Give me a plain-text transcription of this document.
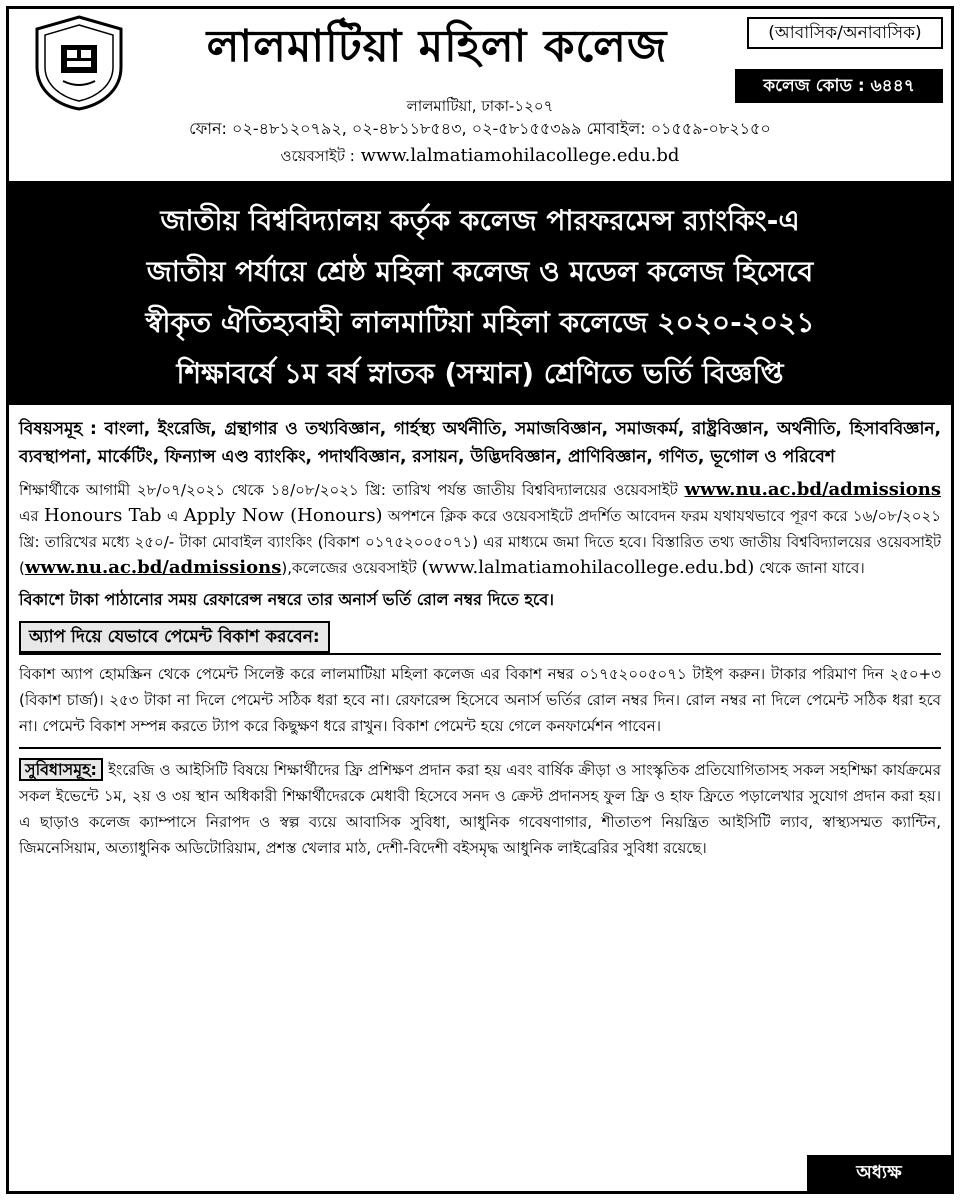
লালমাটিয়া মহিলা কলেজ	(আবাসিক/অনাবাসিক)
কলেজ কোড : ৬৪৪৭
লালমাটিয়া, ঢাকা-১২০৭
ফোন: ০২-৪৮১২০৭৯২, ০২-৪৮১১৮৫৪৩, ০২-৫৮১৫৫৩৯৯ মোবাইল: ০১৫৫৯-০৮২১৫০
ওয়েবসাইট : www.lalmatiamohilacollege.edu.bd
জাতীয় বিশ্ববিদ্যালয় কর্তৃক কলেজ পারফরমেন্স র‍্যাংকিং-এ
জাতীয় পর্যায়ে শ্রেষ্ঠ মহিলা কলেজ ও মডেল কলেজ হিসেবে
স্বীকৃত ঐতিহ্যবাহী লালমাটিয়া মহিলা কলেজে ২০২০-২০২১
শিক্ষাবর্ষে ১ম বর্ষ স্নাতক (সম্মান) শ্রেণিতে ভর্তি বিজ্ঞপ্তি
বিষয়সমূহ : বাংলা, ইংরেজি, গ্রন্থাগার ও তথ্যবিজ্ঞান, গার্হস্থ্য অর্থনীতি, সমাজবিজ্ঞান, সমাজকর্ম, রাষ্ট্রবিজ্ঞান, অর্থনীতি, হিসাববিজ্ঞান, ব্যবস্থাপনা, মার্কেটিং, ফিন্যান্স এণ্ড ব্যাংকিং, পদার্থবিজ্ঞান, রসায়ন, উদ্ভিদবিজ্ঞান, প্রাণিবিজ্ঞান, গণিত, ভূগোল ও পরিবেশ
শিক্ষার্থীকে আগামী ২৮/০৭/২০২১ থেকে ১৪/০৮/২০২১ খ্রি: তারিখ পর্যন্ত জাতীয় বিশ্ববিদ্যালয়ের ওয়েবসাইট www.nu.ac.bd/admissions এর Honours Tab এ Apply Now (Honours) অপশনে ক্লিক করে ওয়েবসাইটে প্রদর্শিত আবেদন ফরম যথাযথভাবে পূরণ করে ১৬/০৮/২০২১ খ্রি: তারিখের মধ্যে ২৫০/- টাকা মোবাইল ব্যাংকিং (বিকাশ ০১৭৫২০০৫০৭১) এর মাধ্যমে জমা দিতে হবে। বিস্তারিত তথ্য জাতীয় বিশ্ববিদ্যালয়ের ওয়েবসাইট (www.nu.ac.bd/admissions),কলেজের ওয়েবসাইট (www.lalmatiamohilacollege.edu.bd) থেকে জানা যাবে।
বিকাশে টাকা পাঠানোর সময় রেফারেন্স নম্বরে তার অনার্স ভর্তি রোল নম্বর দিতে হবে।
অ্যাপ দিয়ে যেভাবে পেমেন্ট বিকাশ করবেন:
বিকাশ অ্যাপ হোমস্ক্রিন থেকে পেমেন্ট সিলেক্ট করে লালমাটিয়া মহিলা কলেজ এর বিকাশ নম্বর ০১৭৫২০০৫০৭১ টাইপ করুন। টাকার পরিমাণ দিন ২৫০+৩ (বিকাশ চার্জ)। ২৫৩ টাকা না দিলে পেমেন্ট সঠিক ধরা হবে না। রেফারেন্স হিসেবে অনার্স ভর্তির রোল নম্বর দিন। রোল নম্বর না দিলে পেমেন্ট সঠিক ধরা হবে না। পেমেন্ট বিকাশ সম্পন্ন করতে ট্যাপ করে কিছুক্ষণ ধরে রাখুন। বিকাশ পেমেন্ট হয়ে গেলে কনফার্মেশন পাবেন।
সুবিধাসমূহ: ইংরেজি ও আইসিটি বিষয়ে শিক্ষার্থীদের ফ্রি প্রশিক্ষণ প্রদান করা হয় এবং বার্ষিক ক্রীড়া ও সাংস্কৃতিক প্রতিযোগিতাসহ সকল সহশিক্ষা কার্যক্রমের সকল ইভেন্টে ১ম, ২য় ও ৩য় স্থান অধিকারী শিক্ষার্থীদেরকে মেধাবী হিসেবে সনদ ও ক্রেস্ট প্রদানসহ ফুল ফ্রি ও হাফ ফ্রিতে পড়ালেখার সুযোগ প্রদান করা হয়। এ ছাড়াও কলেজ ক্যাম্পাসে নিরাপদ ও স্বল্প ব্যয়ে আবাসিক সুবিধা, আধুনিক গবেষণাগার, শীতাতপ নিয়ন্ত্রিত আইসিটি ল্যাব, স্বাস্থ্যসম্মত ক্যান্টিন, জিমনেসিয়াম, অত্যাধুনিক অডিটোরিয়াম, প্রশস্ত খেলার মাঠ, দেশী-বিদেশী বইসমৃদ্ধ আধুনিক লাইব্রেরির সুবিধা রয়েছে।
অধ্যক্ষ
